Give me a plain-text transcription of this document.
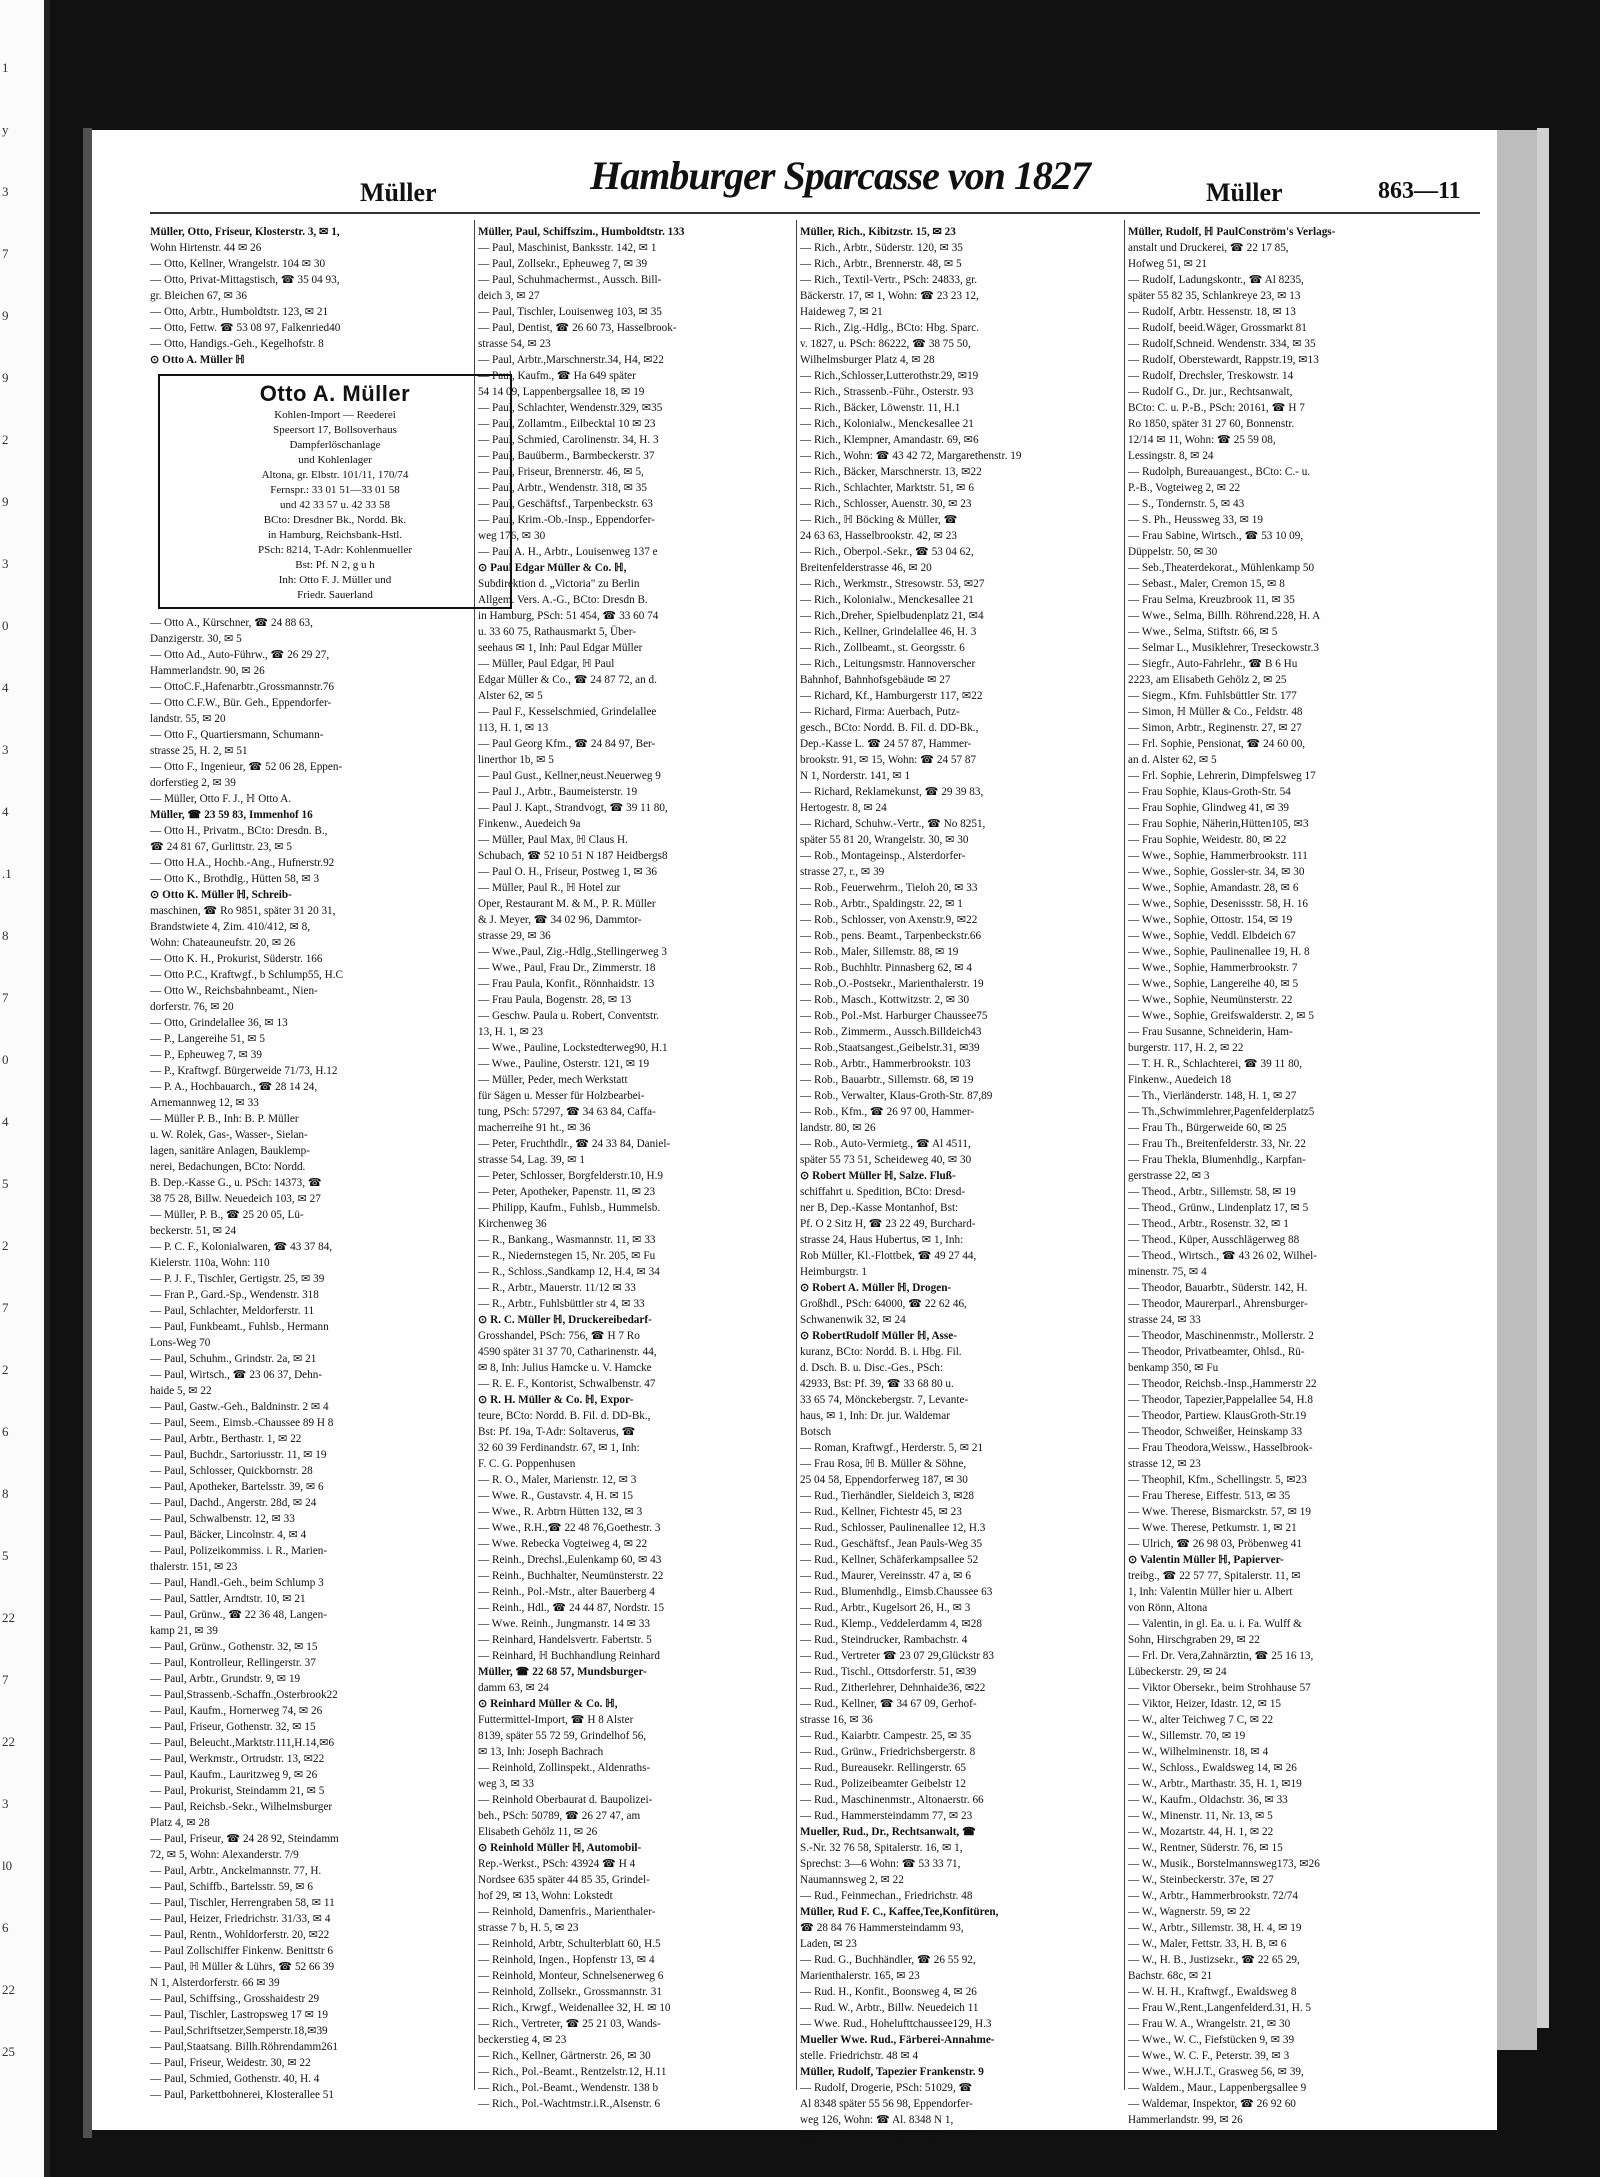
1
y
3
7
9
9
2
9
3
0
4
3
4
.1
8
7
0
4
5
2
7
2
6
8
5
22
7
22
3
l0
6
22
25
Müller	Hamburger Sparcasse von 1827	Müller	863—11
Müller, Otto, Friseur, Klosterstr. 3, ✉ 1,
Wohn Hirtenstr. 44 ✉ 26
— Otto, Kellner, Wrangelstr. 104 ✉ 30
— Otto, Privat-Mittagstisch, ☎ 35 04 93,
gr. Bleichen 67, ✉ 36
— Otto, Arbtr., Humboldtstr. 123, ✉ 21
— Otto, Fettw. ☎ 53 08 97, Falkenried40
— Otto, Handigs.-Geh., Kegelhofstr. 8
⊙ Otto A. Müller ℍ
Otto A. Müller
Kohlen-Import — Reederei
Speersort 17, Bollsoverhaus
Dampferlöschanlage
und Kohlenlager
Altona, gr. Elbstr. 101/11, 170/74
Fernspr.: 33 01 51—33 01 58
und 42 33 57 u. 42 33 58
BCto: Dresdner Bk., Nordd. Bk.
in Hamburg, Reichsbank-Hstl.
PSch: 8214, T-Adr: Kohlenmueller
Bst: Pf. N 2, g u h
Inh: Otto F. J. Müller und
Friedr. Sauerland
— Otto A., Kürschner, ☎ 24 88 63,
Danzigerstr. 30, ✉ 5
— Otto Ad., Auto-Führw., ☎ 26 29 27,
Hammerlandstr. 90, ✉ 26
— OttoC.F.,Hafenarbtr.,Grossmannstr.76
— Otto C.F.W., Bür. Geh., Eppendorfer-
landstr. 55, ✉ 20
— Otto F., Quartiersmann, Schumann-
strasse 25, H. 2, ✉ 51
— Otto F., Ingenieur, ☎ 52 06 28, Eppen-
dorferstieg 2, ✉ 39
— Müller, Otto F. J., ℍ Otto A.
Müller, ☎ 23 59 83, Immenhof 16
— Otto H., Privatm., BCto: Dresdn. B.,
☎ 24 81 67, Gurlittstr. 23, ✉ 5
— Otto H.A., Hochb.-Ang., Hufnerstr.92
— Otto K., Brothdlg., Hütten 58, ✉ 3
⊙ Otto K. Müller ℍ, Schreib-
maschinen, ☎ Ro 9851, später 31 20 31,
Brandstwiete 4, Zim. 410/412, ✉ 8,
Wohn: Chateauneufstr. 20, ✉ 26
— Otto K. H., Prokurist, Süderstr. 166
— Otto P.C., Kraftwgf., b Schlump55, H.C
— Otto W., Reichsbahnbeamt., Nien-
dorferstr. 76, ✉ 20
— Otto, Grindelallee 36, ✉ 13
— P., Langereihe 51, ✉ 5
— P., Epheuweg 7, ✉ 39
— P., Kraftwgf. Bürgerweide 71/73, H.12
— P. A., Hochbauarch., ☎ 28 14 24,
Arnemannweg 12, ✉ 33
— Müller P. B., Inh: B. P. Müller
u. W. Rolek, Gas-, Wasser-, Sielan-
lagen, sanitäre Anlagen, Bauklemp-
nerei, Bedachungen, BCto: Nordd.
B. Dep.-Kasse G., u. PSch: 14373, ☎
38 75 28, Billw. Neuedeich 103, ✉ 27
— Müller, P. B., ☎ 25 20 05, Lü-
beckerstr. 51, ✉ 24
— P. C. F., Kolonialwaren, ☎ 43 37 84,
Kielerstr. 110a, Wohn: 110
— P. J. F., Tischler, Gertigstr. 25, ✉ 39
— Fran P., Gard.-Sp., Wendenstr. 318
— Paul, Schlachter, Meldorferstr. 11
— Paul, Funkbeamt., Fuhlsb., Hermann
Lons-Weg 70
— Paul, Schuhm., Grindstr. 2a, ✉ 21
— Paul, Wirtsch., ☎ 23 06 37, Dehn-
haide 5, ✉ 22
— Paul, Gastw.-Geh., Baldninstr. 2 ✉ 4
— Paul, Seem., Eimsb.-Chaussee 89 H 8
— Paul, Arbtr., Berthastr. 1, ✉ 22
— Paul, Buchdr., Sartoriusstr. 11, ✉ 19
— Paul, Schlosser, Quickbornstr. 28
— Paul, Apotheker, Bartelsstr. 39, ✉ 6
— Paul, Dachd., Angerstr. 28d, ✉ 24
— Paul, Schwalbenstr. 12, ✉ 33
— Paul, Bäcker, Lincolnstr. 4, ✉ 4
— Paul, Polizeikommiss. i. R., Marien-
thalerstr. 151, ✉ 23
— Paul, Handl.-Geh., beim Schlump 3
— Paul, Sattler, Arndtstr. 10, ✉ 21
— Paul, Grünw., ☎ 22 36 48, Langen-
kamp 21, ✉ 39
— Paul, Grünw., Gothenstr. 32, ✉ 15
— Paul, Kontrolleur, Rellingerstr. 37
— Paul, Arbtr., Grundstr. 9, ✉ 19
— Paul,Strassenb.-Schaffn.,Osterbrook22
— Paul, Kaufm., Hornerweg 74, ✉ 26
— Paul, Friseur, Gothenstr. 32, ✉ 15
— Paul, Beleucht.,Marktstr.111,H.14,✉6
— Paul, Werkmstr., Ortrudstr. 13, ✉22
— Paul, Kaufm., Lauritzweg 9, ✉ 26
— Paul, Prokurist, Steindamm 21, ✉ 5
— Paul, Reichsb.-Sekr., Wilhelmsburger
Platz 4, ✉ 28
— Paul, Friseur, ☎ 24 28 92, Steindamm
72, ✉ 5, Wohn: Alexanderstr. 7/9
— Paul, Arbtr., Anckelmannstr. 77, H.
— Paul, Schiffb., Bartelsstr. 59, ✉ 6
— Paul, Tischler, Herrengraben 58, ✉ 11
— Paul, Heizer, Friedrichstr. 31/33, ✉ 4
— Paul, Rentn., Wohldorferstr. 20, ✉22
— Paul Zollschiffer Finkenw. Benittstr 6
— Paul, ℍ Müller & Lührs, ☎ 52 66 39
N 1, Alsterdorferstr. 66 ✉ 39
— Paul, Schiffsing., Grosshaidestr 29
— Paul, Tischler, Lastropsweg 17 ✉ 19
— Paul,Schriftsetzer,Semperstr.18,✉39
— Paul,Staatsang. Billh.Röhrendamm261
— Paul, Friseur, Weidestr. 30, ✉ 22
— Paul, Schmied, Gothenstr. 40, H. 4
— Paul, Parkettbohnerei, Klosterallee 51
Müller, Paul, Schiffszim., Humboldtstr. 133
— Paul, Maschinist, Banksstr. 142, ✉ 1
— Paul, Zollsekr., Epheuweg 7, ✉ 39
— Paul, Schuhmachermst., Aussch. Bill-
deich 3, ✉ 27
— Paul, Tischler, Louisenweg 103, ✉ 35
— Paul, Dentist, ☎ 26 60 73, Hasselbrook-
strasse 54, ✉ 23
— Paul, Arbtr.,Marschnerstr.34, H4, ✉22
— Paul, Kaufm., ☎ Ha 649 später
54 14 09, Lappenbergsallee 18, ✉ 19
— Paul, Schlachter, Wendenstr.329, ✉35
— Paul, Zollamtm., Eilbecktal 10 ✉ 23
— Paul, Schmied, Carolinenstr. 34, H. 3
— Paul, Bauüberm., Barmbeckerstr. 37
— Paul, Friseur, Brennerstr. 46, ✉ 5,
— Paul, Arbtr., Wendenstr. 318, ✉ 35
— Paul, Geschäftsf., Tarpenbeckstr. 63
— Paul, Krim.-Ob.-Insp., Eppendorfer-
weg 176, ✉ 30
— Paul A. H., Arbtr., Louisenweg 137 e
⊙ Paul Edgar Müller & Co. ℍ,
Subdirektion d. „Victoria" zu Berlin
Allgem. Vers. A.-G., BCto: Dresdn B.
in Hamburg, PSch: 51 454, ☎ 33 60 74
u. 33 60 75, Rathausmarkt 5, Über-
seehaus ✉ 1, Inh: Paul Edgar Müller
— Müller, Paul Edgar, ℍ Paul
Edgar Müller & Co., ☎ 24 87 72, an d.
Alster 62, ✉ 5
— Paul F., Kesselschmied, Grindelallee
113, H. 1, ✉ 13
— Paul Georg Kfm., ☎ 24 84 97, Ber-
linerthor 1b, ✉ 5
— Paul Gust., Kellner,neust.Neuerweg 9
— Paul J., Arbtr., Baumeisterstr. 19
— Paul J. Kapt., Strandvogt, ☎ 39 11 80,
Finkenw., Auedeich 9a
— Müller, Paul Max, ℍ Claus H.
Schubach, ☎ 52 10 51 N 187 Heidbergs8
— Paul O. H., Friseur, Postweg 1, ✉ 36
— Müller, Paul R., ℍ Hotel zur
Oper, Restaurant M. & M., P. R. Müller
& J. Meyer, ☎ 34 02 96, Dammtor-
strasse 29, ✉ 36
— Wwe.,Paul, Zig.-Hdlg.,Stellingerweg 3
— Wwe., Paul, Frau Dr., Zimmerstr. 18
— Frau Paula, Konfit., Rönnhaidstr. 13
— Frau Paula, Bogenstr. 28, ✉ 13
— Geschw. Paula u. Robert, Conventstr.
13, H. 1, ✉ 23
— Wwe., Pauline, Lockstedterweg90, H.1
— Wwe., Pauline, Osterstr. 121, ✉ 19
— Müller, Peder, mech Werkstatt
für Sägen u. Messer für Holzbearbei-
tung, PSch: 57297, ☎ 34 63 84, Caffa-
macherreihe 91 ht., ✉ 36
— Peter, Fruchthdlr., ☎ 24 33 84, Daniel-
strasse 54, Lag. 39, ✉ 1
— Peter, Schlosser, Borgfelderstr.10, H.9
— Peter, Apotheker, Papenstr. 11, ✉ 23
— Philipp, Kaufm., Fuhlsb., Hummelsb.
Kirchenweg 36
— R., Bankang., Wasmannstr. 11, ✉ 33
— R., Niedernstegen 15, Nr. 205, ✉ Fu
— R., Schloss.,Sandkamp 12, H.4, ✉ 34
— R., Arbtr., Mauerstr. 11/12 ✉ 33
— R., Arbtr., Fuhlsbüttler str 4, ✉ 33
⊙ R. C. Müller ℍ, Druckereibedarf-
Grosshandel, PSch: 756, ☎ H 7 Ro
4590 später 31 37 70, Catharinenstr. 44,
✉ 8, Inh: Julius Hamcke u. V. Hamcke
— R. E. F., Kontorist, Schwalbenstr. 47
⊙ R. H. Müller & Co. ℍ, Expor-
teure, BCto: Nordd. B. Fil. d. DD-Bk.,
Bst: Pf. 19a, T-Adr: Soltaverus, ☎
32 60 39 Ferdinandstr. 67, ✉ 1, Inh:
F. C. G. Poppenhusen
— R. O., Maler, Marienstr. 12, ✉ 3
— Wwe. R., Gustavstr. 4, H. ✉ 15
— Wwe., R. Arbtrn Hütten 132, ✉ 3
— Wwe., R.H.,☎ 22 48 76,Goethestr. 3
— Wwe. Rebecka Vogteiweg 4, ✉ 22
— Reinh., Drechsl.,Eulenkamp 60, ✉ 43
— Reinh., Buchhalter, Neumünsterstr. 22
— Reinh., Pol.-Mstr., alter Bauerberg 4
— Reinh., Hdl., ☎ 24 44 87, Nordstr. 15
— Wwe. Reinh., Jungmanstr. 14 ✉ 33
— Reinhard, Handelsvertr. Fabertstr. 5
— Reinhard, ℍ Buchhandlung Reinhard
Müller, ☎ 22 68 57, Mundsburger-
damm 63, ✉ 24
⊙ Reinhard Müller & Co. ℍ,
Futtermittel-Import, ☎ H 8 Alster
8139, später 55 72 59, Grindelhof 56,
✉ 13, Inh: Joseph Bachrach
— Reinhold, Zollinspekt., Aldenraths-
weg 3, ✉ 33
— Reinhold Oberbaurat d. Baupolizei-
beh., PSch: 50789, ☎ 26 27 47, am
Elisabeth Gehölz 11, ✉ 26
⊙ Reinhold Müller ℍ, Automobil-
Rep.-Werkst., PSch: 43924 ☎ H 4
Nordsee 635 später 44 85 35, Grindel-
hof 29, ✉ 13, Wohn: Lokstedt
— Reinhold, Damenfris., Marienthaler-
strasse 7 b, H. 5, ✉ 23
— Reinhold, Arbtr, Schulterblatt 60, H.5
— Reinhold, Ingen., Hopfenstr 13, ✉ 4
— Reinhold, Monteur, Schnelsenerweg 6
— Reinhold, Zollsekr., Grossmannstr. 31
— Rich., Krwgf., Weidenallee 32, H. ✉ 10
— Rich., Vertreter, ☎ 25 21 03, Wands-
beckerstieg 4, ✉ 23
— Rich., Kellner, Gärtnerstr. 26, ✉ 30
— Rich., Pol.-Beamt., Rentzelstr.12, H.11
— Rich., Pol.-Beamt., Wendenstr. 138 b
— Rich., Pol.-Wachtmstr.i.R.,Alsenstr. 6
Müller, Rich., Kibitzstr. 15, ✉ 23
— Rich., Arbtr., Süderstr. 120, ✉ 35
— Rich., Arbtr., Brennerstr. 48, ✉ 5
— Rich., Textil-Vertr., PSch: 24833, gr.
Bäckerstr. 17, ✉ 1, Wohn: ☎ 23 23 12,
Haideweg 7, ✉ 21
— Rich., Zig.-Hdlg., BCto: Hbg. Sparc.
v. 1827, u. PSch: 86222, ☎ 38 75 50,
Wilhelmsburger Platz 4, ✉ 28
— Rich.,Schlosser,Lutterothstr.29, ✉19
— Rich., Strassenb.-Führ., Osterstr. 93
— Rich., Bäcker, Löwenstr. 11, H.1
— Rich., Kolonialw., Menckesallee 21
— Rich., Klempner, Amandastr. 69, ✉6
— Rich., Wohn: ☎ 43 42 72, Margarethenstr. 19
— Rich., Bäcker, Marschnerstr. 13, ✉22
— Rich., Schlachter, Marktstr. 51, ✉ 6
— Rich., Schlosser, Auenstr. 30, ✉ 23
— Rich., ℍ Böcking & Müller, ☎
24 63 63, Hasselbrookstr. 42, ✉ 23
— Rich., Oberpol.-Sekr., ☎ 53 04 62,
Breitenfelderstrasse 46, ✉ 20
— Rich., Werkmstr., Stresowstr. 53, ✉27
— Rich., Kolonialw., Menckesallee 21
— Rich.,Dreher, Spielbudenplatz 21, ✉4
— Rich., Kellner, Grindelallee 46, H. 3
— Rich., Zollbeamt., st. Georgsstr. 6
— Rich., Leitungsmstr. Hannoverscher
Bahnhof, Bahnhofsgebäude ✉ 27
— Richard, Kf., Hamburgerstr 117, ✉22
— Richard, Firma: Auerbach, Putz-
gesch., BCto: Nordd. B. Fil. d. DD-Bk.,
Dep.-Kasse L. ☎ 24 57 87, Hammer-
brookstr. 91, ✉ 15, Wohn: ☎ 24 57 87
N 1, Norderstr. 141, ✉ 1
— Richard, Reklamekunst, ☎ 29 39 83,
Hertogestr. 8, ✉ 24
— Richard, Schuhw.-Vertr., ☎ No 8251,
später 55 81 20, Wrangelstr. 30, ✉ 30
— Rob., Montageinsp., Alsterdorfer-
strasse 27, r., ✉ 39
— Rob., Feuerwehrm., Tieloh 20, ✉ 33
— Rob., Arbtr., Spaldingstr. 22, ✉ 1
— Rob., Schlosser, von Axenstr.9, ✉22
— Rob., pens. Beamt., Tarpenbeckstr.66
— Rob., Maler, Sillemstr. 88, ✉ 19
— Rob., Buchhltr. Pinnasberg 62, ✉ 4
— Rob.,O.-Postsekr., Marienthalerstr. 19
— Rob., Masch., Kottwitzstr. 2, ✉ 30
— Rob., Pol.-Mst. Harburger Chaussee75
— Rob., Zimmerm., Aussch.Billdeich43
— Rob.,Staatsangest.,Geibelstr.31, ✉39
— Rob., Arbtr., Hammerbrookstr. 103
— Rob., Bauarbtr., Sillemstr. 68, ✉ 19
— Rob., Verwalter, Klaus-Groth-Str. 87,89
— Rob., Kfm., ☎ 26 97 00, Hammer-
landstr. 80, ✉ 26
— Rob., Auto-Vermietg., ☎ Al 4511,
später 55 73 51, Scheideweg 40, ✉ 30
⊙ Robert Müller ℍ, Salze. Fluß-
schiffahrt u. Spedition, BCto: Dresd-
ner B, Dep.-Kasse Montanhof, Bst:
Pf. O 2 Sitz H, ☎ 23 22 49, Burchard-
strasse 24, Haus Hubertus, ✉ 1, Inh:
Rob Müller, Kl.-Flottbek, ☎ 49 27 44,
Heimburgstr. 1
⊙ Robert A. Müller ℍ, Drogen-
Großhdl., PSch: 64000, ☎ 22 62 46,
Schwanenwik 32, ✉ 24
⊙ RobertRudolf Müller ℍ, Asse-
kuranz, BCto: Nordd. B. i. Hbg. Fil.
d. Dsch. B. u. Disc.-Ges., PSch:
42933, Bst: Pf. 39, ☎ 33 68 80 u.
33 65 74, Mönckebergstr. 7, Levante-
haus, ✉ 1, Inh: Dr. jur. Waldemar
Botsch
— Roman, Kraftwgf., Herderstr. 5, ✉ 21
— Frau Rosa, ℍ B. Müller & Söhne,
25 04 58, Eppendorferweg 187, ✉ 30
— Rud., Tierhändler, Sieldeich 3, ✉28
— Rud., Kellner, Fichtestr 45, ✉ 23
— Rud., Schlosser, Paulinenallee 12, H.3
— Rud., Geschäftsf., Jean Pauls-Weg 35
— Rud., Kellner, Schäferkampsallee 52
— Rud., Maurer, Vereinsstr. 47 a, ✉ 6
— Rud., Blumenhdlg., Eimsb.Chaussee 63
— Rud., Arbtr., Kugelsort 26, H., ✉ 3
— Rud., Klemp., Veddelerdamm 4, ✉28
— Rud., Steindrucker, Rambachstr. 4
— Rud., Vertreter ☎ 23 07 29,Glückstr 83
— Rud., Tischl., Ottsdorferstr. 51, ✉39
— Rud., Zitherlehrer, Dehnhaide36, ✉22
— Rud., Kellner, ☎ 34 67 09, Gerhof-
strasse 16, ✉ 36
— Rud., Kaiarbtr. Campestr. 25, ✉ 35
— Rud., Grünw., Friedrichsbergerstr. 8
— Rud., Bureausekr. Rellingerstr. 65
— Rud., Polizeibeamter Geibelstr 12
— Rud., Maschinenmstr., Altonaerstr. 66
— Rud., Hammersteindamm 77, ✉ 23
Mueller, Rud., Dr., Rechtsanwalt, ☎
S.-Nr. 32 76 58, Spitalerstr. 16, ✉ 1,
Sprechst: 3—6 Wohn: ☎ 53 33 71,
Naumannsweg 2, ✉ 22
— Rud., Feinmechan., Friedrichstr. 48
Müller, Rud F. C., Kaffee,Tee,Konfitüren,
☎ 28 84 76 Hammersteindamm 93,
Laden, ✉ 23
— Rud. G., Buchhändler, ☎ 26 55 92,
Marienthalerstr. 165, ✉ 23
— Rud. H., Konfit., Boonsweg 4, ✉ 26
— Rud. W., Arbtr., Billw. Neuedeich 11
— Wwe. Rud., Hohelufttchaussee129, H.3
Mueller Wwe. Rud., Färberei-Annahme-
stelle. Friedrichstr. 48 ✉ 4
Müller, Rudolf, Tapezier Frankenstr. 9
— Rudolf, Drogerie, PSch: 51029, ☎
Al 8348 später 55 56 98, Eppendorfer-
weg 126, Wohn: ☎ Al. 8348 N 1,
später 55 56 98 N 1, im Gehölz 3, ✉19
Müller, Rudolf, ℍ PaulConström's Verlags-
anstalt und Druckerei, ☎ 22 17 85,
Hofweg 51, ✉ 21
— Rudolf, Ladungskontr., ☎ Al 8235,
später 55 82 35, Schlankreye 23, ✉ 13
— Rudolf, Arbtr. Hessenstr. 18, ✉ 13
— Rudolf, beeid.Wäger, Grossmarkt 81
— Rudolf,Schneid. Wendenstr. 334, ✉ 35
— Rudolf, Oberstewardt, Rappstr.19, ✉13
— Rudolf, Drechsler, Treskowstr. 14
— Rudolf G., Dr. jur., Rechtsanwalt,
BCto: C. u. P.-B., PSch: 20161, ☎ H 7
Ro 1850, später 31 27 60, Bonnenstr.
12/14 ✉ 11, Wohn: ☎ 25 59 08,
Lessingstr. 8, ✉ 24
— Rudolph, Bureauangest., BCto: C.- u.
P.-B., Vogteiweg 2, ✉ 22
— S., Tondernstr. 5, ✉ 43
— S. Ph., Heussweg 33, ✉ 19
— Frau Sabine, Wirtsch., ☎ 53 10 09,
Düppelstr. 50, ✉ 30
— Seb.,Theaterdekorat., Mühlenkamp 50
— Sebast., Maler, Cremon 15, ✉ 8
— Frau Selma, Kreuzbrook 11, ✉ 35
— Wwe., Selma, Billh. Röhrend.228, H. A
— Wwe., Selma, Stiftstr. 66, ✉ 5
— Selmar L., Musiklehrer, Treseckowstr.3
— Siegfr., Auto-Fahrlehr., ☎ B 6 Hu
2223, am Elisabeth Gehölz 2, ✉ 25
— Siegm., Kfm. Fuhlsbüttler Str. 177
— Simon, ℍ Müller & Co., Feldstr. 48
— Simon, Arbtr., Reginenstr. 27, ✉ 27
— Frl. Sophie, Pensionat, ☎ 24 60 00,
an d. Alster 62, ✉ 5
— Frl. Sophie, Lehrerin, Dimpfelsweg 17
— Frau Sophie, Klaus-Groth-Str. 54
— Frau Sophie, Glindweg 41, ✉ 39
— Frau Sophie, Näherin,Hütten105, ✉3
— Frau Sophie, Weidestr. 80, ✉ 22
— Wwe., Sophie, Hammerbrookstr. 111
— Wwe., Sophie, Gossler-str. 34, ✉ 30
— Wwe., Sophie, Amandastr. 28, ✉ 6
— Wwe., Sophie, Desenissstr. 58, H. 16
— Wwe., Sophie, Ottostr. 154, ✉ 19
— Wwe., Sophie, Veddl. Elbdeich 67
— Wwe., Sophie, Paulinenallee 19, H. 8
— Wwe., Sophie, Hammerbrookstr. 7
— Wwe., Sophie, Langereihe 40, ✉ 5
— Wwe., Sophie, Neumünsterstr. 22
— Wwe., Sophie, Greifswalderstr. 2, ✉ 5
— Frau Susanne, Schneiderin, Ham-
burgerstr. 117, H. 2, ✉ 22
— T. H. R., Schlachterei, ☎ 39 11 80,
Finkenw., Auedeich 18
— Th., Vierländerstr. 148, H. 1, ✉ 27
— Th.,Schwimmlehrer,Pagenfelderplatz5
— Frau Th., Bürgerweide 60, ✉ 25
— Frau Th., Breitenfelderstr. 33, Nr. 22
— Frau Thekla, Blumenhdlg., Karpfan-
gerstrasse 22, ✉ 3
— Theod., Arbtr., Sillemstr. 58, ✉ 19
— Theod., Grünw., Lindenplatz 17, ✉ 5
— Theod., Arbtr., Rosenstr. 32, ✉ 1
— Theod., Küper, Ausschlägerweg 88
— Theod., Wirtsch., ☎ 43 26 02, Wilhel-
minenstr. 75, ✉ 4
— Theodor, Bauarbtr., Süderstr. 142, H.
— Theodor, Maurerparl., Ahrensburger-
strasse 24, ✉ 33
— Theodor, Maschinenmstr., Mollerstr. 2
— Theodor, Privatbeamter, Ohlsd., Rü-
benkamp 350, ✉ Fu
— Theodor, Reichsb.-Insp.,Hammerstr 22
— Theodor, Tapezier,Pappelallee 54, H.8
— Theodor, Partiew. KlausGroth-Str.19
— Theodor, Schweißer, Heinskamp 33
— Frau Theodora,Weissw., Hasselbrook-
strasse 12, ✉ 23
— Theophil, Kfm., Schellingstr. 5, ✉23
— Frau Therese, Eiffestr. 513, ✉ 35
— Wwe. Therese, Bismarckstr. 57, ✉ 19
— Wwe. Therese, Petkumstr. 1, ✉ 21
— Ulrich, ☎ 26 98 03, Pröbenweg 41
⊙ Valentin Müller ℍ, Papierver-
treibg., ☎ 22 57 77, Spitalerstr. 11, ✉
1, Inh: Valentin Müller hier u. Albert
von Rönn, Altona
— Valentin, in gl. Ea. u. i. Fa. Wulff &
Sohn, Hirschgraben 29, ✉ 22
— Frl. Dr. Vera,Zahnärztin, ☎ 25 16 13,
Lübeckerstr. 29, ✉ 24
— Viktor Obersekr., beim Strohhause 57
— Viktor, Heizer, Idastr. 12, ✉ 15
— W., alter Teichweg 7 C, ✉ 22
— W., Sillemstr. 70, ✉ 19
— W., Wilhelminenstr. 18, ✉ 4
— W., Schloss., Ewaldsweg 14, ✉ 26
— W., Arbtr., Marthastr. 35, H. 1, ✉19
— W., Kaufm., Oldachstr. 36, ✉ 33
— W., Minenstr. 11, Nr. 13, ✉ 5
— W., Mozartstr. 44, H. 1, ✉ 22
— W., Rentner, Süderstr. 76, ✉ 15
— W., Musik., Borstelmannsweg173, ✉26
— W., Steinbeckerstr. 37e, ✉ 27
— W., Arbtr., Hammerbrookstr. 72/74
— W., Wagnerstr. 59, ✉ 22
— W., Arbtr., Sillemstr. 38, H. 4, ✉ 19
— W., Maler, Fettstr. 33, H. B, ✉ 6
— W., H. B., Justizsekr., ☎ 22 65 29,
Bachstr. 68c, ✉ 21
— W. H. H., Kraftwgf., Ewaldsweg 8
— Frau W.,Rent.,Langenfelderd.31, H. 5
— Frau W. A., Wrangelstr. 21, ✉ 30
— Wwe., W. C., Fiefstücken 9, ✉ 39
— Wwe., W. C. F., Peterstr. 39, ✉ 3
— Wwe., W.H.J.T., Grasweg 56, ✉ 39,
— Waldem., Maur., Lappenbergsallee 9
— Waldemar, Inspektor, ☎ 26 92 60
Hammerlandstr. 99, ✉ 26
